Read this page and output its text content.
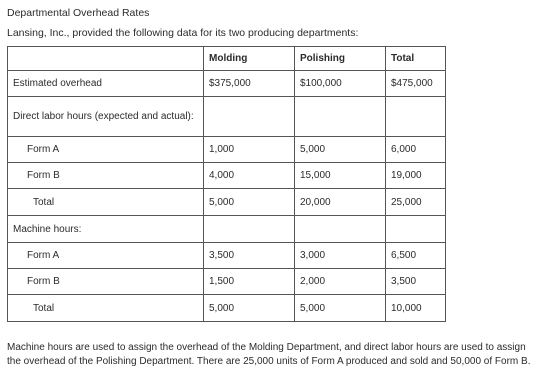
Departmental Overhead Rates
Lansing, Inc., provided the following data for its two producing departments:
	Molding	Polishing	Total
Estimated overhead	$375,000	$100,000	$475,000
Direct labor hours (expected and actual):			
Form A	1,000	5,000	6,000
Form B	4,000	15,000	19,000
Total	5,000	20,000	25,000
Machine hours:			
Form A	3,500	3,000	6,500
Form B	1,500	2,000	3,500
Total	5,000	5,000	10,000
Machine hours are used to assign the overhead of the Molding Department, and direct labor hours are used to assign the overhead of the Polishing Department. There are 25,000 units of Form A produced and sold and 50,000 of Form B.
